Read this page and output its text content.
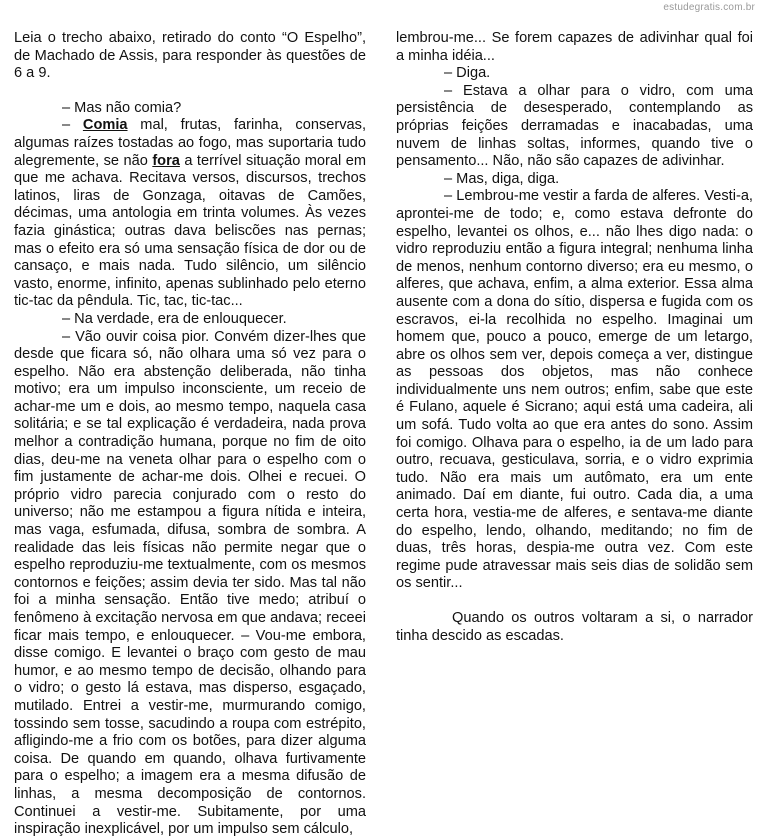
estudegratis.com.br

Leia o trecho abaixo, retirado do conto “O Espelho”, de Machado de Assis, para responder às questões de 6 a 9.

– Mas não comia?

– Comia mal, frutas, farinha, conservas, algumas raízes tostadas ao fogo, mas suportaria tudo alegremente, se não fora a terrível situação moral em que me achava. Recitava versos, discursos, trechos latinos, liras de Gonzaga, oitavas de Camões, décimas, uma antologia em trinta volumes. Às vezes fazia ginástica; outras dava beliscões nas pernas; mas o efeito era só uma sensação física de dor ou de cansaço, e mais nada. Tudo silêncio, um silêncio vasto, enorme, infinito, apenas sublinhado pelo eterno tic-tac da pêndula. Tic, tac, tic-tac...

– Na verdade, era de enlouquecer.

– Vão ouvir coisa pior. Convém dizer-lhes que desde que ficara só, não olhara uma só vez para o espelho. Não era abstenção deliberada, não tinha motivo; era um impulso inconsciente, um receio de achar-me um e dois, ao mesmo tempo, naquela casa solitária; e se tal explicação é verdadeira, nada prova melhor a contradição humana, porque no fim de oito dias, deu-me na veneta olhar para o espelho com o fim justamente de achar-me dois. Olhei e recuei. O próprio vidro parecia conjurado com o resto do universo; não me estampou a figura nítida e inteira, mas vaga, esfumada, difusa, sombra de sombra. A realidade das leis físicas não permite negar que o espelho reproduziu-me textualmente, com os mesmos contornos e feições; assim devia ter sido. Mas tal não foi a minha sensação. Então tive medo; atribuí o fenômeno à excitação nervosa em que andava; receei ficar mais tempo, e enlouquecer. – Vou-me embora, disse comigo. E levantei o braço com gesto de mau humor, e ao mesmo tempo de decisão, olhando para o vidro; o gesto lá estava, mas disperso, esgaçado, mutilado. Entrei a vestir-me, murmurando comigo, tossindo sem tosse, sacudindo a roupa com estrépito, afligindo-me a frio com os botões, para dizer alguma coisa. De quando em quando, olhava furtivamente para o espelho; a imagem era a mesma difusão de linhas, a mesma decomposição de contornos. Continuei a vestir-me. Subitamente, por uma inspiração inexplicável, por um impulso sem cálculo,

lembrou-me... Se forem capazes de adivinhar qual foi a minha idéia...

– Diga.

– Estava a olhar para o vidro, com uma persistência de desesperado, contemplando as próprias feições derramadas e inacabadas, uma nuvem de linhas soltas, informes, quando tive o pensamento... Não, não são capazes de adivinhar.

– Mas, diga, diga.

– Lembrou-me vestir a farda de alferes. Vesti-a, aprontei-me de todo; e, como estava defronte do espelho, levantei os olhos, e... não lhes digo nada: o vidro reproduziu então a figura integral; nenhuma linha de menos, nenhum contorno diverso; era eu mesmo, o alferes, que achava, enfim, a alma exterior. Essa alma ausente com a dona do sítio, dispersa e fugida com os escravos, ei-la recolhida no espelho. Imaginai um homem que, pouco a pouco, emerge de um letargo, abre os olhos sem ver, depois começa a ver, distingue as pessoas dos objetos, mas não conhece individualmente uns nem outros; enfim, sabe que este é Fulano, aquele é Sicrano; aqui está uma cadeira, ali um sofá. Tudo volta ao que era antes do sono. Assim foi comigo. Olhava para o espelho, ia de um lado para outro, recuava, gesticulava, sorria, e o vidro exprimia tudo. Não era mais um autômato, era um ente animado. Daí em diante, fui outro. Cada dia, a uma certa hora, vestia-me de alferes, e sentava-me diante do espelho, lendo, olhando, meditando; no fim de duas, três horas, despia-me outra vez. Com este regime pude atravessar mais seis dias de solidão sem os sentir...

Quando os outros voltaram a si, o narrador tinha descido as escadas.
